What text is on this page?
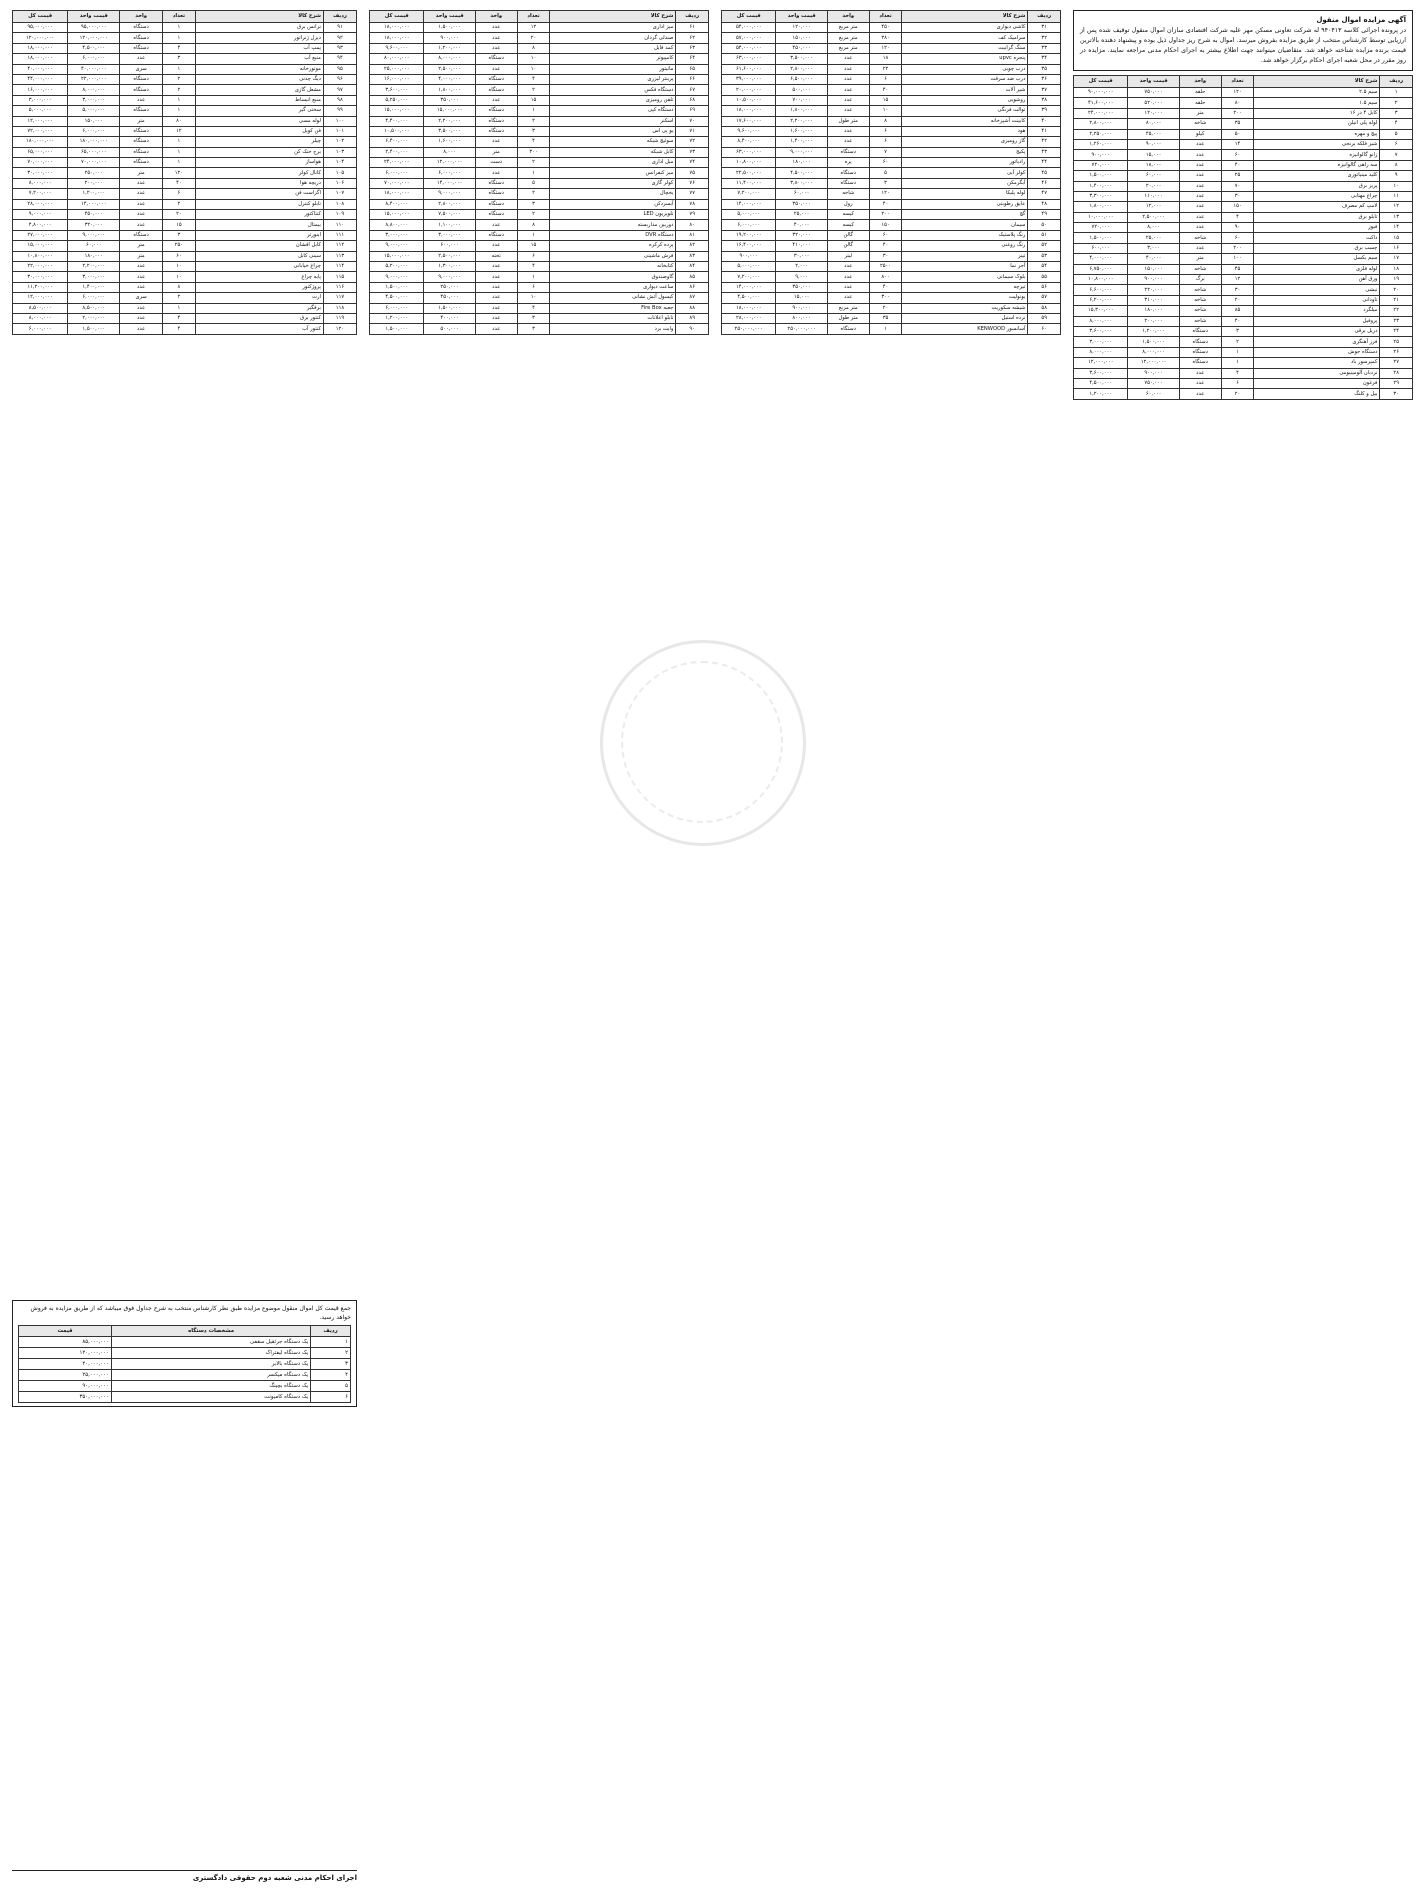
آگهی مزایده اموال منقول

در پرونده اجرائی کلاسه ۹۴۰۴۱۳ له شرکت تعاونی مسکن مهر علیه شرکت اقتصادی سازان اموال منقول توقیف شده پس از ارزیابی توسط کارشناس منتخب از طریق مزایده بفروش میرسد. اموال به شرح ریز جداول ذیل بوده و پیشنهاد دهنده بالاترین قیمت برنده مزایده شناخته خواهد شد. متقاضیان میتوانند جهت اطلاع بیشتر به اجرای احکام مدنی مراجعه نمایند. مزایده در روز مقرر در محل شعبه اجرای احکام برگزار خواهد شد.

ردیف	شرح کالا	تعداد	واحد	قیمت واحد	قیمت کل
۱	سیم ۲.۵	۱۲۰	حلقه	۷۵۰,۰۰۰	۹۰,۰۰۰,۰۰۰
۲	سیم ۱.۵	۸۰	حلقه	۵۲۰,۰۰۰	۴۱,۶۰۰,۰۰۰
۳	کابل ۴ در ۱۶	۲۰۰	متر	۱۲۰,۰۰۰	۲۴,۰۰۰,۰۰۰
۴	لوله پلی اتیلن	۳۵	شاخه	۸۰,۰۰۰	۲,۸۰۰,۰۰۰
۵	پیچ و مهره	۵۰	کیلو	۴۵,۰۰۰	۲,۲۵۰,۰۰۰
۶	شیر فلکه برنجی	۱۴	عدد	۹۰,۰۰۰	۱,۲۶۰,۰۰۰
۷	زانو گالوانیزه	۶۰	عدد	۱۵,۰۰۰	۹۰۰,۰۰۰
۸	سه راهی گالوانیزه	۴۰	عدد	۱۸,۰۰۰	۷۲۰,۰۰۰
۹	کلید مینیاتوری	۲۵	عدد	۶۰,۰۰۰	۱,۵۰۰,۰۰۰
۱۰	پریز برق	۷۰	عدد	۲۰,۰۰۰	۱,۴۰۰,۰۰۰
۱۱	چراغ مهتابی	۳۰	عدد	۱۱۰,۰۰۰	۳,۳۰۰,۰۰۰
۱۲	لامپ کم مصرف	۱۵۰	عدد	۱۲,۰۰۰	۱,۸۰۰,۰۰۰
۱۳	تابلو برق	۴	عدد	۲,۵۰۰,۰۰۰	۱۰,۰۰۰,۰۰۰
۱۴	فیوز	۹۰	عدد	۸,۰۰۰	۷۲۰,۰۰۰
۱۵	داکت	۶۰	شاخه	۲۵,۰۰۰	۱,۵۰۰,۰۰۰
۱۶	چسب برق	۲۰۰	عدد	۳,۰۰۰	۶۰۰,۰۰۰
۱۷	سیم بکسل	۱۰۰	متر	۴۰,۰۰۰	۴,۰۰۰,۰۰۰
۱۸	لوله فلزی	۴۵	شاخه	۱۵۰,۰۰۰	۶,۷۵۰,۰۰۰
۱۹	ورق آهن	۱۲	برگ	۹۰۰,۰۰۰	۱۰,۸۰۰,۰۰۰
۲۰	نبشی	۳۰	شاخه	۲۲۰,۰۰۰	۶,۶۰۰,۰۰۰
۲۱	ناودانی	۲۰	شاخه	۳۱۰,۰۰۰	۶,۲۰۰,۰۰۰
۲۲	میلگرد	۸۵	شاخه	۱۸۰,۰۰۰	۱۵,۳۰۰,۰۰۰
۲۳	پروفیل	۴۰	شاخه	۲۰۰,۰۰۰	۸,۰۰۰,۰۰۰
۲۴	دریل برقی	۳	دستگاه	۱,۲۰۰,۰۰۰	۳,۶۰۰,۰۰۰
۲۵	فرز آهنگری	۲	دستگاه	۱,۵۰۰,۰۰۰	۳,۰۰۰,۰۰۰
۲۶	دستگاه جوش	۱	دستگاه	۸,۰۰۰,۰۰۰	۸,۰۰۰,۰۰۰
۲۷	کمپرسور باد	۱	دستگاه	۱۲,۰۰۰,۰۰۰	۱۲,۰۰۰,۰۰۰
۲۸	نردبان آلومینیومی	۴	عدد	۹۰۰,۰۰۰	۳,۶۰۰,۰۰۰
۲۹	فرغون	۶	عدد	۷۵۰,۰۰۰	۴,۵۰۰,۰۰۰
۳۰	بیل و کلنگ	۲۰	عدد	۶۰,۰۰۰	۱,۲۰۰,۰۰۰
ردیف	شرح کالا	تعداد	واحد	قیمت واحد	قیمت کل
۳۱	کاشی دیواری	۴۵۰	متر مربع	۱۲۰,۰۰۰	۵۴,۰۰۰,۰۰۰
۳۲	سرامیک کف	۳۸۰	متر مربع	۱۵۰,۰۰۰	۵۷,۰۰۰,۰۰۰
۳۳	سنگ گرانیت	۱۲۰	متر مربع	۴۵۰,۰۰۰	۵۴,۰۰۰,۰۰۰
۳۴	پنجره upvc	۱۸	عدد	۳,۵۰۰,۰۰۰	۶۳,۰۰۰,۰۰۰
۳۵	درب چوبی	۲۲	عدد	۲,۸۰۰,۰۰۰	۶۱,۶۰۰,۰۰۰
۳۶	درب ضد سرقت	۶	عدد	۶,۵۰۰,۰۰۰	۳۹,۰۰۰,۰۰۰
۳۷	شیر آلات	۴۰	عدد	۵۰۰,۰۰۰	۲۰,۰۰۰,۰۰۰
۳۸	روشویی	۱۵	عدد	۷۰۰,۰۰۰	۱۰,۵۰۰,۰۰۰
۳۹	توالت فرنگی	۱۰	عدد	۱,۸۰۰,۰۰۰	۱۸,۰۰۰,۰۰۰
۴۰	کابینت آشپزخانه	۸	متر طول	۲,۲۰۰,۰۰۰	۱۷,۶۰۰,۰۰۰
۴۱	هود	۶	عدد	۱,۶۰۰,۰۰۰	۹,۶۰۰,۰۰۰
۴۲	گاز رومیزی	۶	عدد	۱,۴۰۰,۰۰۰	۸,۴۰۰,۰۰۰
۴۳	پکیج	۷	دستگاه	۹,۰۰۰,۰۰۰	۶۳,۰۰۰,۰۰۰
۴۴	رادیاتور	۶۰	پره	۱۸۰,۰۰۰	۱۰,۸۰۰,۰۰۰
۴۵	کولر آبی	۵	دستگاه	۴,۵۰۰,۰۰۰	۲۲,۵۰۰,۰۰۰
۴۶	آبگرمکن	۳	دستگاه	۳,۸۰۰,۰۰۰	۱۱,۴۰۰,۰۰۰
۴۷	لوله پلیکا	۱۲۰	شاخه	۶۰,۰۰۰	۷,۲۰۰,۰۰۰
۴۸	عایق رطوبتی	۴۰	رول	۳۵۰,۰۰۰	۱۴,۰۰۰,۰۰۰
۴۹	گچ	۲۰۰	کیسه	۲۵,۰۰۰	۵,۰۰۰,۰۰۰
۵۰	سیمان	۱۵۰	کیسه	۴۰,۰۰۰	۶,۰۰۰,۰۰۰
۵۱	رنگ پلاستیک	۶۰	گالن	۳۲۰,۰۰۰	۱۹,۲۰۰,۰۰۰
۵۲	رنگ روغنی	۴۰	گالن	۴۱۰,۰۰۰	۱۶,۴۰۰,۰۰۰
۵۳	تینر	۳۰	لیتر	۳۰,۰۰۰	۹۰۰,۰۰۰
۵۴	آجر نما	۲۵۰۰	عدد	۲,۰۰۰	۵,۰۰۰,۰۰۰
۵۵	بلوک سیمانی	۸۰۰	عدد	۹,۰۰۰	۷,۲۰۰,۰۰۰
۵۶	تیرچه	۴۰	عدد	۳۵۰,۰۰۰	۱۴,۰۰۰,۰۰۰
۵۷	یونولیت	۳۰۰	عدد	۱۵,۰۰۰	۴,۵۰۰,۰۰۰
۵۸	شیشه سکوریت	۲۰	متر مربع	۹۰۰,۰۰۰	۱۸,۰۰۰,۰۰۰
۵۹	نرده استیل	۳۵	متر طول	۸۰۰,۰۰۰	۲۸,۰۰۰,۰۰۰
۶۰	آسانسور KENWOOD	۱	دستگاه	۲۵۰,۰۰۰,۰۰۰	۲۵۰,۰۰۰,۰۰۰
ردیف	شرح کالا	تعداد	واحد	قیمت واحد	قیمت کل
۶۱	میز اداری	۱۲	عدد	۱,۵۰۰,۰۰۰	۱۸,۰۰۰,۰۰۰
۶۲	صندلی گردان	۲۰	عدد	۹۰۰,۰۰۰	۱۸,۰۰۰,۰۰۰
۶۳	کمد فایل	۸	عدد	۱,۲۰۰,۰۰۰	۹,۶۰۰,۰۰۰
۶۴	کامپیوتر	۱۰	دستگاه	۸,۰۰۰,۰۰۰	۸۰,۰۰۰,۰۰۰
۶۵	مانیتور	۱۰	عدد	۲,۵۰۰,۰۰۰	۲۵,۰۰۰,۰۰۰
۶۶	پرینتر لیزری	۴	دستگاه	۴,۰۰۰,۰۰۰	۱۶,۰۰۰,۰۰۰
۶۷	دستگاه فکس	۲	دستگاه	۱,۸۰۰,۰۰۰	۳,۶۰۰,۰۰۰
۶۸	تلفن رومیزی	۱۵	عدد	۳۵۰,۰۰۰	۵,۲۵۰,۰۰۰
۶۹	دستگاه کپی	۱	دستگاه	۱۵,۰۰۰,۰۰۰	۱۵,۰۰۰,۰۰۰
۷۰	اسکنر	۲	دستگاه	۲,۲۰۰,۰۰۰	۴,۴۰۰,۰۰۰
۷۱	یو پی اس	۳	دستگاه	۳,۵۰۰,۰۰۰	۱۰,۵۰۰,۰۰۰
۷۲	سوئیچ شبکه	۴	عدد	۱,۶۰۰,۰۰۰	۶,۴۰۰,۰۰۰
۷۳	کابل شبکه	۳۰۰	متر	۸,۰۰۰	۲,۴۰۰,۰۰۰
۷۴	مبل اداری	۲	دست	۱۲,۰۰۰,۰۰۰	۲۴,۰۰۰,۰۰۰
۷۵	میز کنفرانس	۱	عدد	۶,۰۰۰,۰۰۰	۶,۰۰۰,۰۰۰
۷۶	کولر گازی	۵	دستگاه	۱۴,۰۰۰,۰۰۰	۷۰,۰۰۰,۰۰۰
۷۷	یخچال	۲	دستگاه	۹,۰۰۰,۰۰۰	۱۸,۰۰۰,۰۰۰
۷۸	آبسردکن	۳	دستگاه	۲,۸۰۰,۰۰۰	۸,۴۰۰,۰۰۰
۷۹	تلویزیون LED	۲	دستگاه	۷,۵۰۰,۰۰۰	۱۵,۰۰۰,۰۰۰
۸۰	دوربین مداربسته	۸	عدد	۱,۱۰۰,۰۰۰	۸,۸۰۰,۰۰۰
۸۱	دستگاه DVR	۱	دستگاه	۳,۰۰۰,۰۰۰	۳,۰۰۰,۰۰۰
۸۲	پرده کرکره	۱۵	عدد	۶۰۰,۰۰۰	۹,۰۰۰,۰۰۰
۸۳	فرش ماشینی	۶	تخته	۲,۵۰۰,۰۰۰	۱۵,۰۰۰,۰۰۰
۸۴	کتابخانه	۴	عدد	۱,۳۰۰,۰۰۰	۵,۲۰۰,۰۰۰
۸۵	گاوصندوق	۱	عدد	۹,۰۰۰,۰۰۰	۹,۰۰۰,۰۰۰
۸۶	ساعت دیواری	۶	عدد	۲۵۰,۰۰۰	۱,۵۰۰,۰۰۰
۸۷	کپسول آتش نشانی	۱۰	عدد	۴۵۰,۰۰۰	۴,۵۰۰,۰۰۰
۸۸	جعبه Fire Box	۴	عدد	۱,۵۰۰,۰۰۰	۶,۰۰۰,۰۰۰
۸۹	تابلو اعلانات	۳	عدد	۴۰۰,۰۰۰	۱,۲۰۰,۰۰۰
۹۰	وایت برد	۳	عدد	۵۰۰,۰۰۰	۱,۵۰۰,۰۰۰
ردیف	شرح کالا	تعداد	واحد	قیمت واحد	قیمت کل
۹۱	ترانس برق	۱	دستگاه	۹۵,۰۰۰,۰۰۰	۹۵,۰۰۰,۰۰۰
۹۲	دیزل ژنراتور	۱	دستگاه	۱۲۰,۰۰۰,۰۰۰	۱۲۰,۰۰۰,۰۰۰
۹۳	پمپ آب	۴	دستگاه	۴,۵۰۰,۰۰۰	۱۸,۰۰۰,۰۰۰
۹۴	منبع آب	۳	عدد	۶,۰۰۰,۰۰۰	۱۸,۰۰۰,۰۰۰
۹۵	موتورخانه	۱	سری	۴۰,۰۰۰,۰۰۰	۴۰,۰۰۰,۰۰۰
۹۶	دیگ چدنی	۲	دستگاه	۲۲,۰۰۰,۰۰۰	۴۴,۰۰۰,۰۰۰
۹۷	مشعل گازی	۲	دستگاه	۸,۰۰۰,۰۰۰	۱۶,۰۰۰,۰۰۰
۹۸	منبع انبساط	۱	عدد	۳,۰۰۰,۰۰۰	۳,۰۰۰,۰۰۰
۹۹	سختی گیر	۱	دستگاه	۵,۰۰۰,۰۰۰	۵,۰۰۰,۰۰۰
۱۰۰	لوله مسی	۸۰	متر	۱۵۰,۰۰۰	۱۲,۰۰۰,۰۰۰
۱۰۱	فن کویل	۱۲	دستگاه	۶,۰۰۰,۰۰۰	۷۲,۰۰۰,۰۰۰
۱۰۲	چیلر	۱	دستگاه	۱۸۰,۰۰۰,۰۰۰	۱۸۰,۰۰۰,۰۰۰
۱۰۳	برج خنک کن	۱	دستگاه	۶۵,۰۰۰,۰۰۰	۶۵,۰۰۰,۰۰۰
۱۰۴	هواساز	۱	دستگاه	۷۰,۰۰۰,۰۰۰	۷۰,۰۰۰,۰۰۰
۱۰۵	کانال کولر	۱۲۰	متر	۲۵۰,۰۰۰	۳۰,۰۰۰,۰۰۰
۱۰۶	دریچه هوا	۴۰	عدد	۲۰۰,۰۰۰	۸,۰۰۰,۰۰۰
۱۰۷	اگزاست فن	۶	عدد	۱,۲۰۰,۰۰۰	۷,۲۰۰,۰۰۰
۱۰۸	تابلو کنترل	۲	عدد	۱۴,۰۰۰,۰۰۰	۲۸,۰۰۰,۰۰۰
۱۰۹	کنتاکتور	۲۰	عدد	۴۵۰,۰۰۰	۹,۰۰۰,۰۰۰
۱۱۰	بیمتال	۱۵	عدد	۳۲۰,۰۰۰	۴,۸۰۰,۰۰۰
۱۱۱	اینورتر	۳	دستگاه	۹,۰۰۰,۰۰۰	۲۷,۰۰۰,۰۰۰
۱۱۲	کابل افشان	۲۵۰	متر	۶۰,۰۰۰	۱۵,۰۰۰,۰۰۰
۱۱۳	سینی کابل	۶۰	متر	۱۸۰,۰۰۰	۱۰,۸۰۰,۰۰۰
۱۱۴	چراغ خیابانی	۱۰	عدد	۲,۲۰۰,۰۰۰	۲۲,۰۰۰,۰۰۰
۱۱۵	پایه چراغ	۱۰	عدد	۳,۰۰۰,۰۰۰	۳۰,۰۰۰,۰۰۰
۱۱۶	پروژکتور	۸	عدد	۱,۴۰۰,۰۰۰	۱۱,۲۰۰,۰۰۰
۱۱۷	ارت	۲	سری	۶,۰۰۰,۰۰۰	۱۲,۰۰۰,۰۰۰
۱۱۸	برقگیر	۱	عدد	۸,۵۰۰,۰۰۰	۸,۵۰۰,۰۰۰
۱۱۹	کنتور برق	۴	عدد	۲,۰۰۰,۰۰۰	۸,۰۰۰,۰۰۰
۱۲۰	کنتور آب	۴	عدد	۱,۵۰۰,۰۰۰	۶,۰۰۰,۰۰۰

جمع قیمت کل اموال منقول موضوع مزایده طبق نظر کارشناس منتخب به شرح جداول فوق میباشد که از طریق مزایده به فروش خواهد رسید.

ردیف	مشخصات دستگاه	قیمت
۱	یک دستگاه جرثقیل سقفی	۸۵,۰۰۰,۰۰۰
۲	یک دستگاه لیفتراک	۱۲۰,۰۰۰,۰۰۰
۳	یک دستگاه بالابر	۴۰,۰۰۰,۰۰۰
۴	یک دستگاه میکسر	۲۵,۰۰۰,۰۰۰
۵	یک دستگاه بچینگ	۹۰,۰۰۰,۰۰۰
۶	یک دستگاه کامیونت	۳۵۰,۰۰۰,۰۰۰
اجرای احکام مدنی شعبه دوم حقوقی دادگستری
